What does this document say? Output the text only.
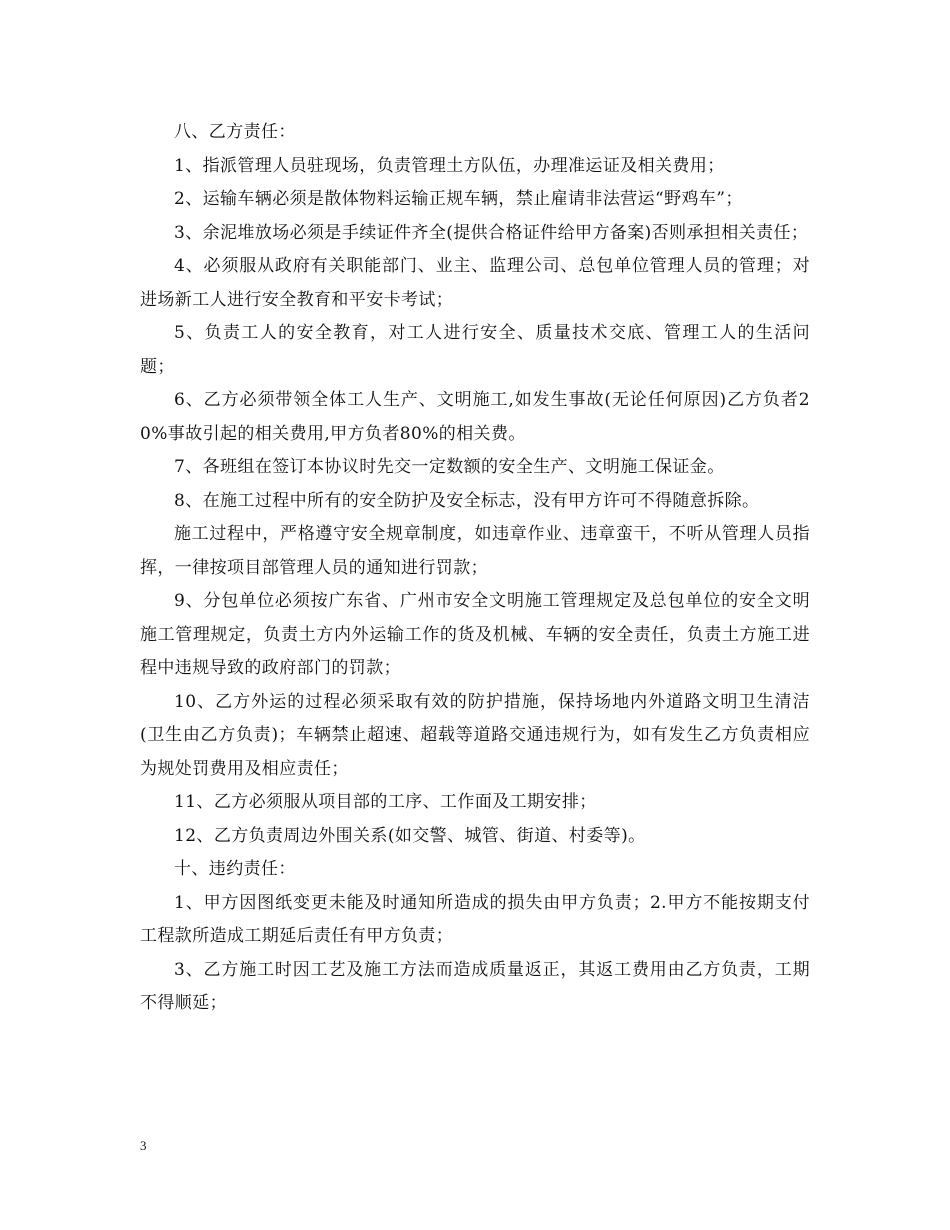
八、乙方责任：

1、指派管理人员驻现场，负责管理土方队伍，办理准运证及相关费用；

2、运输车辆必须是散体物料运输正规车辆，禁止雇请非法营运“野鸡车”；

3、余泥堆放场必须是手续证件齐全(提供合格证件给甲方备案)否则承担相关责任；

4、必须服从政府有关职能部门、业主、监理公司、总包单位管理人员的管理；对进场新工人进行安全教育和平安卡考试；

5、负责工人的安全教育，对工人进行安全、质量技术交底、管理工人的生活问题；

6、乙方必须带领全体工人生产、文明施工,如发生事故(无论任何原因)乙方负者20%事故引起的相关费用,甲方负者80%的相关费。

7、各班组在签订本协议时先交一定数额的安全生产、文明施工保证金。

8、在施工过程中所有的安全防护及安全标志，没有甲方许可不得随意拆除。

施工过程中，严格遵守安全规章制度，如违章作业、违章蛮干，不听从管理人员指挥，一律按项目部管理人员的通知进行罚款；

9、分包单位必须按广东省、广州市安全文明施工管理规定及总包单位的安全文明施工管理规定，负责土方内外运输工作的货及机械、车辆的安全责任，负责土方施工进程中违规导致的政府部门的罚款；

10、乙方外运的过程必须采取有效的防护措施，保持场地内外道路文明卫生清洁(卫生由乙方负责)；车辆禁止超速、超载等道路交通违规行为，如有发生乙方负责相应为规处罚费用及相应责任；

11、乙方必须服从项目部的工序、工作面及工期安排；

12、乙方负责周边外围关系(如交警、城管、街道、村委等)。

十、违约责任：

1、甲方因图纸变更未能及时通知所造成的损失由甲方负责；2.甲方不能按期支付工程款所造成工期延后责任有甲方负责；

3、乙方施工时因工艺及施工方法而造成质量返正，其返工费用由乙方负责，工期不得顺延；

3
